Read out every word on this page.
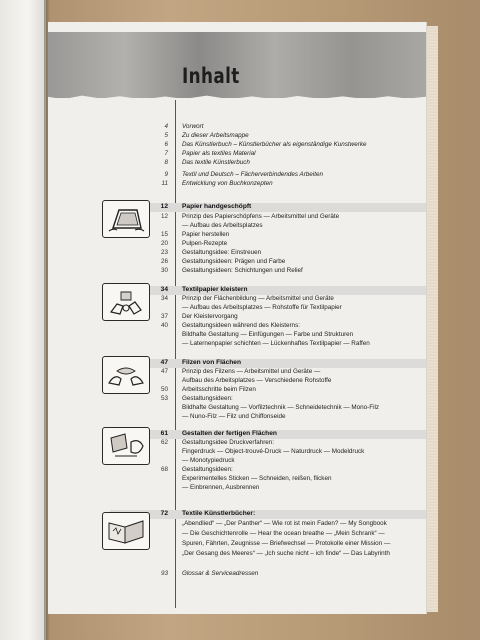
Inhalt
4 Vorwort
5 Zu dieser Arbeitsmappe
6 Das Künstlerbuch – Künstlerbücher als eigenständige Kunstwerke
7 Papier als textiles Material
8 Das textile Künstlerbuch
9 Textil und Deutsch – Fächerverbindendes Arbeiten
11 Entwicklung von Buchkonzepten
12 Papier handgeschöpft
12 Prinzip des Papierschöpfens — Arbeitsmittel und Geräte
— Aufbau des Arbeitsplatzes
15 Papier herstellen
20 Pulpen-Rezepte
23 Gestaltungsidee: Einstreuen
26 Gestaltungsideen: Prägen und Farbe
30 Gestaltungsideen: Schichtungen und Relief
34 Textilpapier kleistern
34 Prinzip der Flächenbildung — Arbeitsmittel und Geräte
— Aufbau des Arbeitsplatzes — Rohstoffe für Textilpapier
37 Der Kleistervorgang
40 Gestaltungsideen während des Kleisterns:
Bildhafte Gestaltung — Einfügungen — Farbe und Strukturen
— Laternenpapier schichten — Lückenhaftes Textilpapier — Raffen
47 Filzen von Flächen
47 Prinzip des Filzens — Arbeitsmittel und Geräte —
Aufbau des Arbeitsplatzes — Verschiedene Rohstoffe
50 Arbeitsschritte beim Filzen
53 Gestaltungsideen:
Bildhafte Gestaltung — Vorfilztechnik — Schneidetechnik — Mono-Filz
— Nuno-Filz — Filz und Chiffonseide
61 Gestalten der fertigen Flächen
62 Gestaltungsidee Druckverfahren:
Fingerdruck — Object-trouvé-Druck — Naturdruck — Modeldruck
— Monotypiedruck
68 Gestaltungsideen:
Experimentelles Sticken — Schneiden, reißen, flicken
— Einbrennen, Ausbrennen
72 Textile Künstlerbücher:
„Abendlied“ — „Der Panther“ — Wie rot ist mein Faden? — My Songbook
— Die Geschichtenrolle — Hear the ocean breathe — „Mein Schrank“ —
Spuren, Fährten, Zeugnisse — Briefwechsel — Protokolle einer Mission —
„Der Gesang des Meeres“ — „Ich suche nicht – ich finde“ — Das Labyrinth
93 Glossar & Serviceadressen
